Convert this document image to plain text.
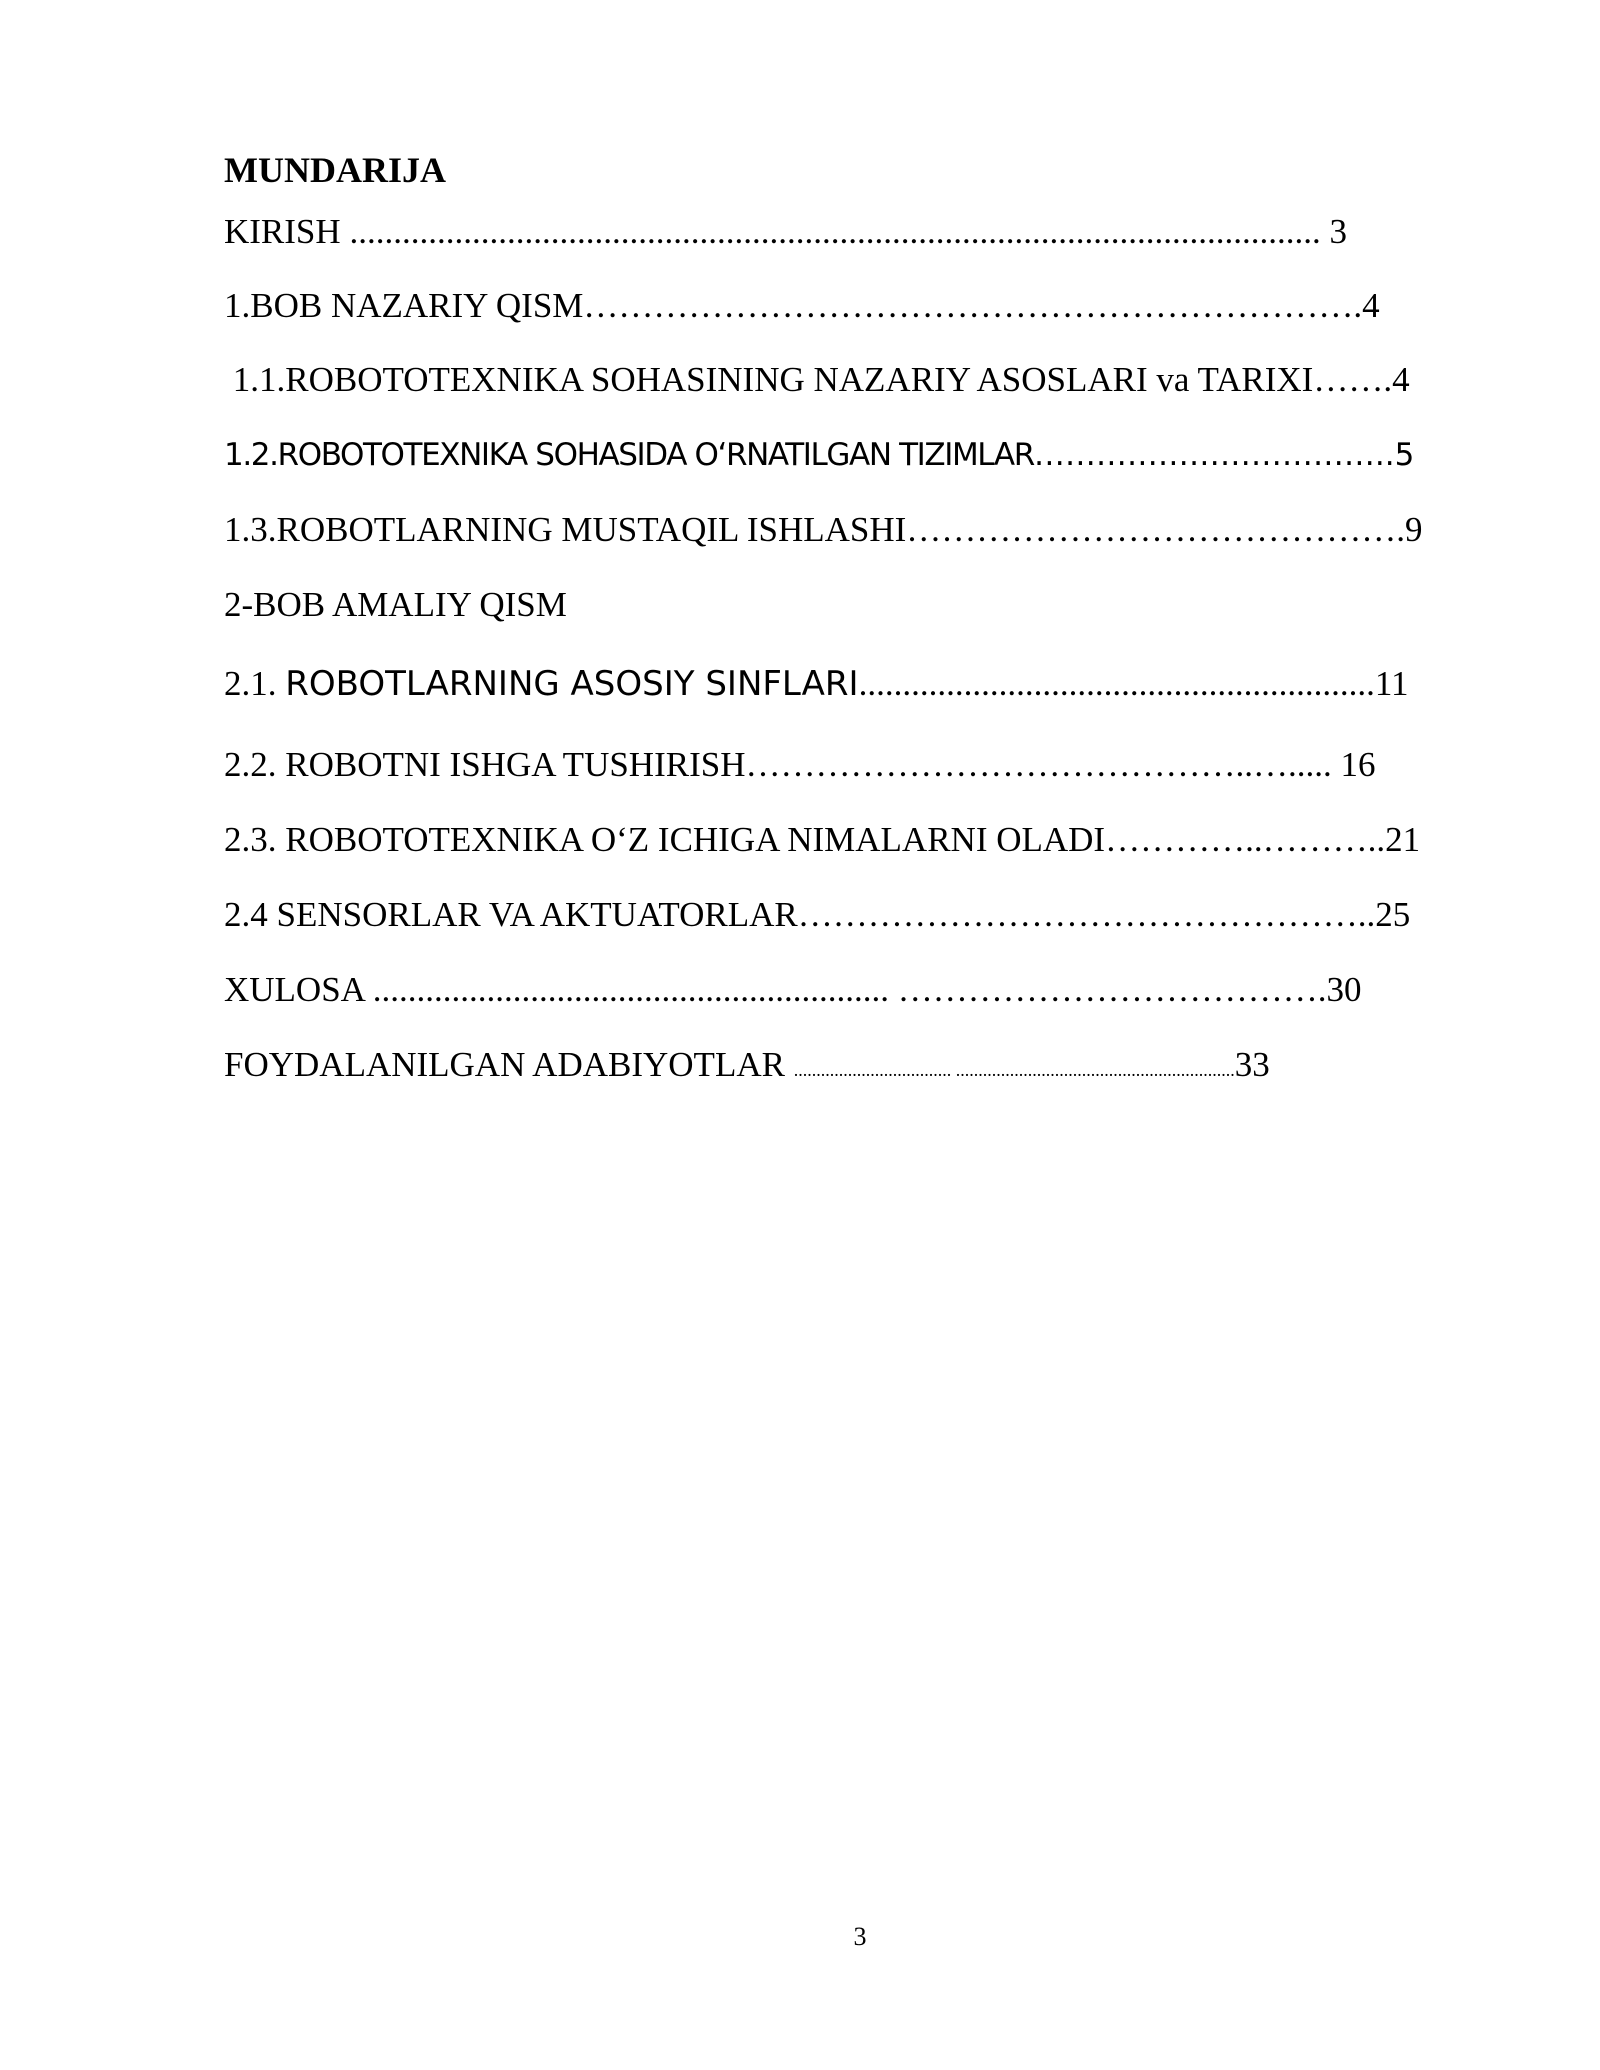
MUNDARIJA
KIRISH ............................................................................................................... 3
1.BOB NAZARIY QISM………………………………………………………….4
1.1.ROBOTOTEXNIKA SOHASINING NAZARIY ASOSLARI va TARIXI…….4
1.2.ROBOTOTEXNIKA SOHASIDA O‘RNATILGAN TIZIMLAR……………………………..5
1.3.ROBOTLARNING MUSTAQIL ISHLASHI…………………………………….9
2-BOB AMALIY QISM
2.1. ROBOTLARNING ASOSIY SINFLARI...........................................................11
2.2. ROBOTNI ISHGA TUSHIRISH……………………………………..…..... 16
2.3. ROBOTOTEXNIKA O‘Z ICHIGA NIMALARNI OLADI…………..………..21
2.4 SENSORLAR VA AKTUATORLAR…………………………………………..25
XULOSA ........................................................... ……………………………….30
FOYDALANILGAN ADABIYOTLAR ................................... ..............................................................33
3
